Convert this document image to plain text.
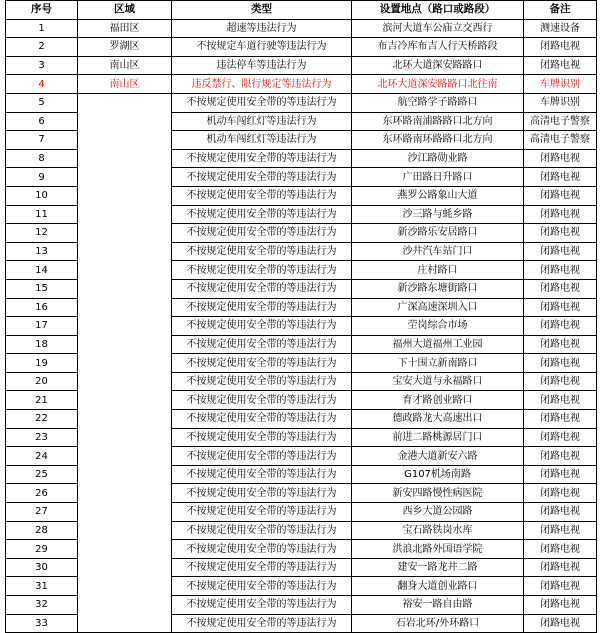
序号	区域	类型	设置地点（路口或路段）	备注
1	福田区	超速等违法行为	滨河大道车公庙立交西行	测速设备
2	罗湖区	不按规定车道行驶等违法行为	布吉冷库布吉人行天桥路段	闭路电视
3	南山区	违法停车等违法行为	北环大道深安路路口	闭路电视
4	南山区	违反禁行、限行规定等违法行为	北环大道深安路路口北往南	车牌识别
5		不按规定使用安全带的等违法行为	航空路学子路路口	车牌识别
6		机动车闯红灯等违法行为	东环路南浦路路口北方向	高清电子警察
7		机动车闯红灯等违法行为	东环路南环路路口北方向	高清电子警察
8		不按规定使用安全带的等违法行为	沙江路勋业路	闭路电视
9		不按规定使用安全带的等违法行为	广田路日升路口	闭路电视
10		不按规定使用安全带的等违法行为	燕罗公路象山大道	闭路电视
11		不按规定使用安全带的等违法行为	沙三路与蚝乡路	闭路电视
12		不按规定使用安全带的等违法行为	新沙路乐安居路口	闭路电视
13		不按规定使用安全带的等违法行为	沙井汽车站门口	闭路电视
14		不按规定使用安全带的等违法行为	庄村路口	闭路电视
15		不按规定使用安全带的等违法行为	新沙路东塘街路口	闭路电视
16		不按规定使用安全带的等违法行为	广深高速深圳入口	闭路电视
17		不按规定使用安全带的等违法行为	茔岗综合市场	闭路电视
18		不按规定使用安全带的等违法行为	福州大道福州工业园	闭路电视
19		不按规定使用安全带的等违法行为	下十围立新南路口	闭路电视
20		不按规定使用安全带的等违法行为	宝安大道与永福路口	闭路电视
21		不按规定使用安全带的等违法行为	育才路创业路口	闭路电视
22		不按规定使用安全带的等违法行为	德政路龙大高速出口	闭路电视
23		不按规定使用安全带的等违法行为	前进二路桃源居门口	闭路电视
24		不按规定使用安全带的等违法行为	金港大道新安六路	闭路电视
25		不按规定使用安全带的等违法行为	G107机场南路	闭路电视
26		不按规定使用安全带的等违法行为	新安四路慢性病医院	闭路电视
27		不按规定使用安全带的等违法行为	西乡大道公园路	闭路电视
28		不按规定使用安全带的等违法行为	宝石路铁岗水库	闭路电视
29		不按规定使用安全带的等违法行为	洪浪北路外国语学院	闭路电视
30		不按规定使用安全带的等违法行为	建安一路龙井二路	闭路电视
31		不按规定使用安全带的等违法行为	翻身大道创业路口	闭路电视
32		不按规定使用安全带的等违法行为	裕安一路自由路	闭路电视
33		不按规定使用安全带的等违法行为	石岩北环/外环路口	闭路电视
